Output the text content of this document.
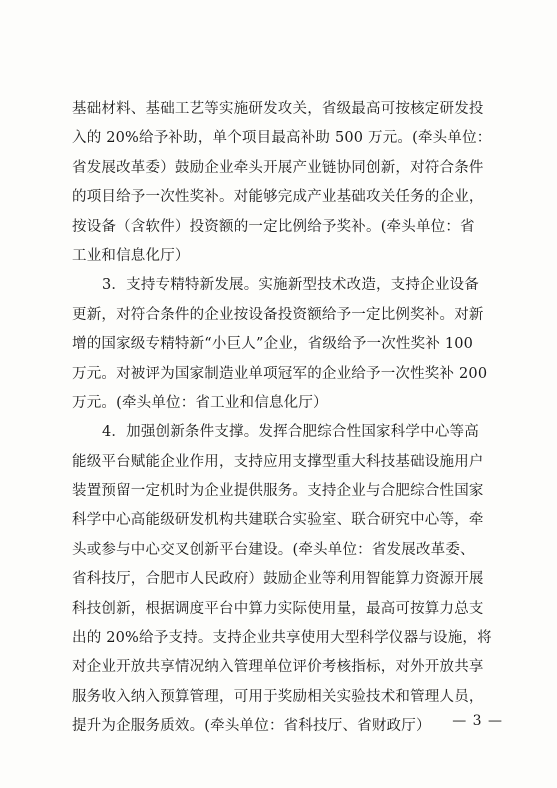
基础材料、基础工艺等实施研发攻关，省级最高可按核定研发投
入的 20%给予补助，单个项目最高补助 500 万元。(牵头单位：
省发展改革委）鼓励企业牵头开展产业链协同创新，对符合条件
的项目给予一次性奖补。对能够完成产业基础攻关任务的企业，
按设备（含软件）投资额的一定比例给予奖补。(牵头单位：省
工业和信息化厅）
3．支持专精特新发展。实施新型技术改造，支持企业设备
更新，对符合条件的企业按设备投资额给予一定比例奖补。对新
增的国家级专精特新“小巨人”企业，省级给予一次性奖补 100
万元。对被评为国家制造业单项冠军的企业给予一次性奖补 200
万元。(牵头单位：省工业和信息化厅）
4．加强创新条件支撑。发挥合肥综合性国家科学中心等高
能级平台赋能企业作用，支持应用支撑型重大科技基础设施用户
装置预留一定机时为企业提供服务。支持企业与合肥综合性国家
科学中心高能级研发机构共建联合实验室、联合研究中心等，牵
头或参与中心交叉创新平台建设。(牵头单位：省发展改革委、
省科技厅，合肥市人民政府）鼓励企业等利用智能算力资源开展
科技创新，根据调度平台中算力实际使用量，最高可按算力总支
出的 20%给予支持。支持企业共享使用大型科学仪器与设施，将
对企业开放共享情况纳入管理单位评价考核指标，对外开放共享
服务收入纳入预算管理，可用于奖励相关实验技术和管理人员，
提升为企服务质效。(牵头单位：省科技厅、省财政厅）	— 3 —
